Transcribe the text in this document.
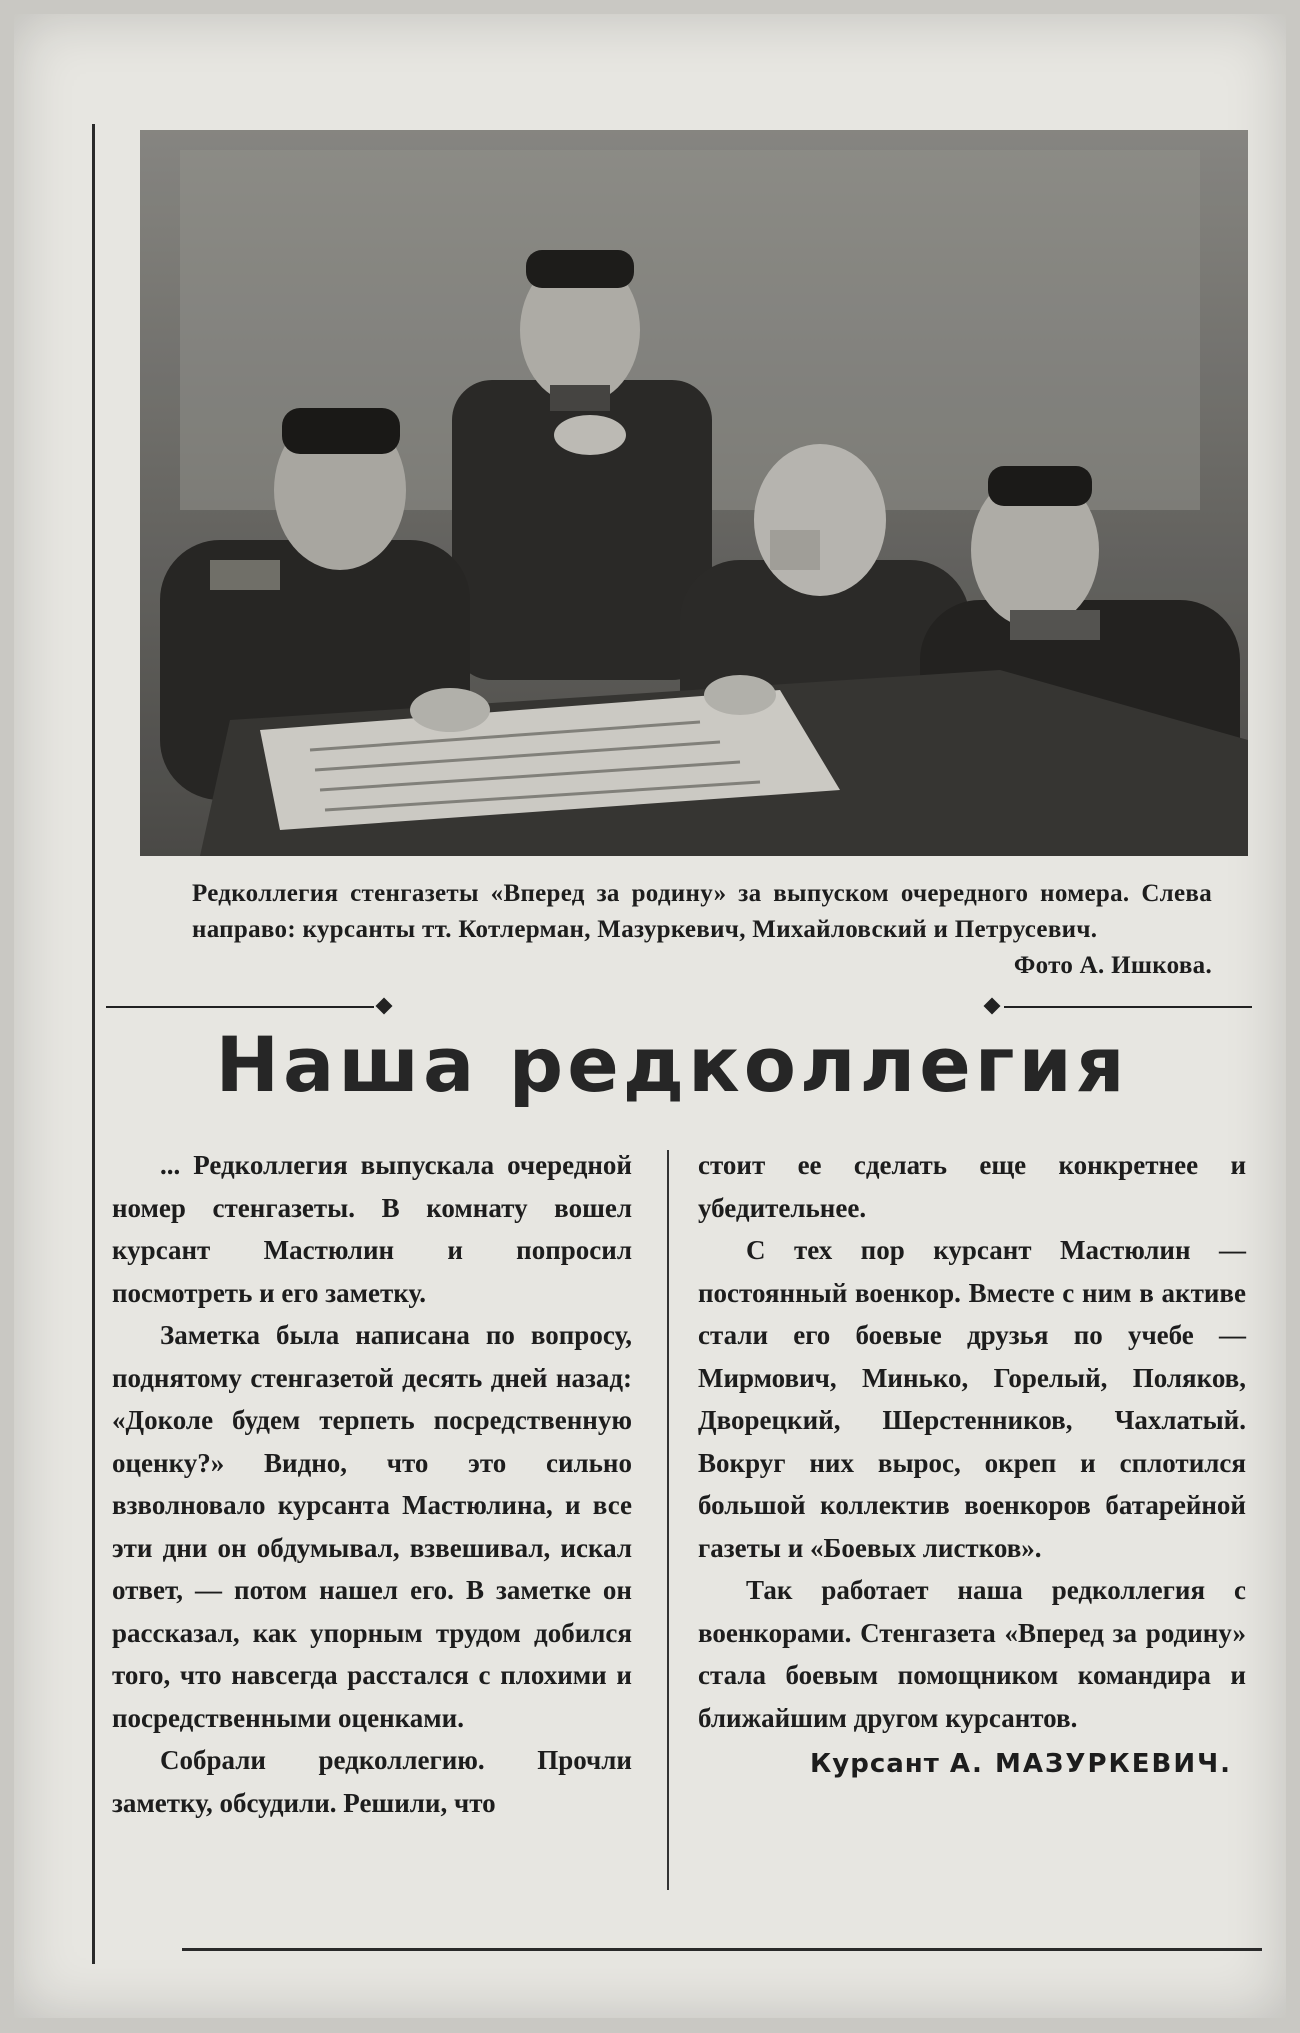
Редколлегия стенгазеты «Вперед за родину» за выпуском очередного номера. Слева направо: курсанты тт. Котлерман, Мазуркевич, Михайловский и Петрусевич.
Фото А. Ишкова.
Наша редколлегия

... Редколлегия выпускала очередной номер стенгазеты. В комнату вошел курсант Мастюлин и попросил посмотреть и его заметку.

Заметка была написана по вопросу, поднятому стенгазетой десять дней назад: «Доколе будем терпеть посредственную оценку?» Видно, что это сильно взволновало курсанта Мастюлина, и все эти дни он обдумывал, взвешивал, искал ответ, — потом нашел его. В заметке он рассказал, как упорным трудом добился того, что навсегда расстался с плохими и посредственными оценками.

Собрали редколлегию. Прочли заметку, обсудили. Решили, что

стоит ее сделать еще конкретнее и убедительнее.

С тех пор курсант Мастюлин — постоянный военкор. Вместе с ним в активе стали его боевые друзья по учебе — Мирмович, Минько, Горелый, Поляков, Дворецкий, Шерстенников, Чахлатый. Вокруг них вырос, окреп и сплотился большой коллектив военкоров батарейной газеты и «Боевых листков».

Так работает наша редколлегия с военкорами. Стенгазета «Вперед за родину» стала боевым помощником командира и ближайшим другом курсантов.

Курсант А. МАЗУРКЕВИЧ.
